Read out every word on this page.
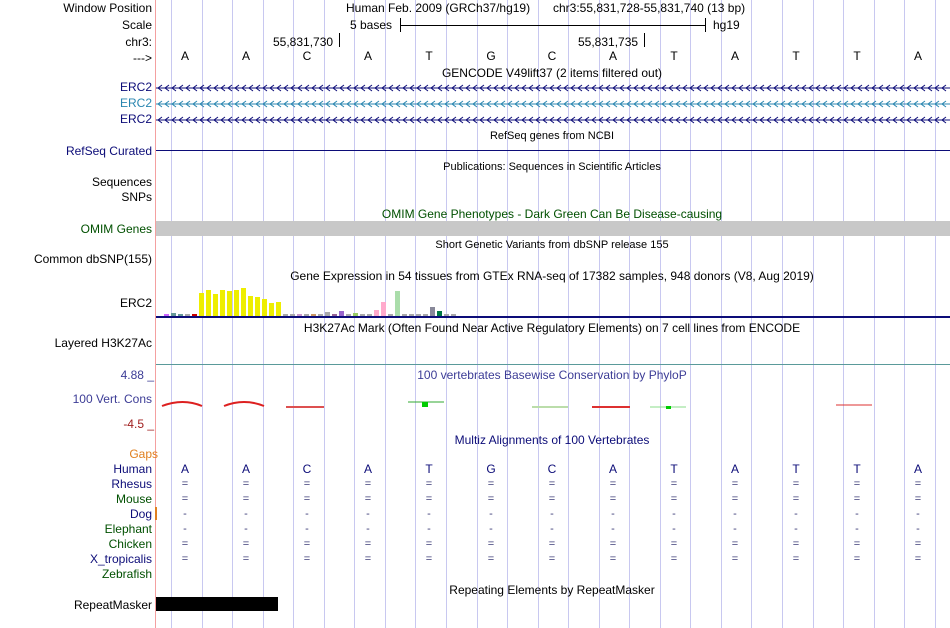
Window Position
Scale
chr3:
--->
Human Feb. 2009 (GRCh37/hg19) chr3:55,831,728-55,831,740 (13 bp)
5 bases	hg19
55,831,730	55,831,735
A	A	C	A	T	G	C	A	T	A	T	T	A
GENCODE V49lift37 (2 items filtered out)
ERC2
ERC2
ERC2
RefSeq genes from NCBI
RefSeq Curated
Publications: Sequences in Scientific Articles
Sequences
SNPs
OMIM Gene Phenotypes - Dark Green Can Be Disease-causing
OMIM Genes
Short Genetic Variants from dbSNP release 155
Common dbSNP(155)
Gene Expression in 54 tissues from GTEx RNA-seq of 17382 samples, 948 donors (V8, Aug 2019)
ERC2
H3K27Ac Mark (Often Found Near Active Regulatory Elements) on 7 cell lines from ENCODE
Layered H3K27Ac
100 vertebrates Basewise Conservation by PhyloP
4.88 _
100 Vert. Cons
-4.5 _
Multiz Alignments of 100 Vertebrates
Gaps
Human A	A	C	A	T	G	C	A	T	A	T	T	A
Rhesus	=	=	=	=	=	=	=	=	=	=	=	=	=
Mouse	=	=	=	=	=	=	=	=	=	=	=	=	=
Dog	-	-	-	-	-	-	-	-	-	-	-	-	-
Elephant	-	-	-	-	-	-	-	-	-	-	-	-	-
Chicken	=	=	=	=	=	=	=	=	=	=	=	=	=
X_tropicalis	=	=	=	=	=	=	=	=	=	=	=	=	=
Zebrafish
Repeating Elements by RepeatMasker
RepeatMasker
